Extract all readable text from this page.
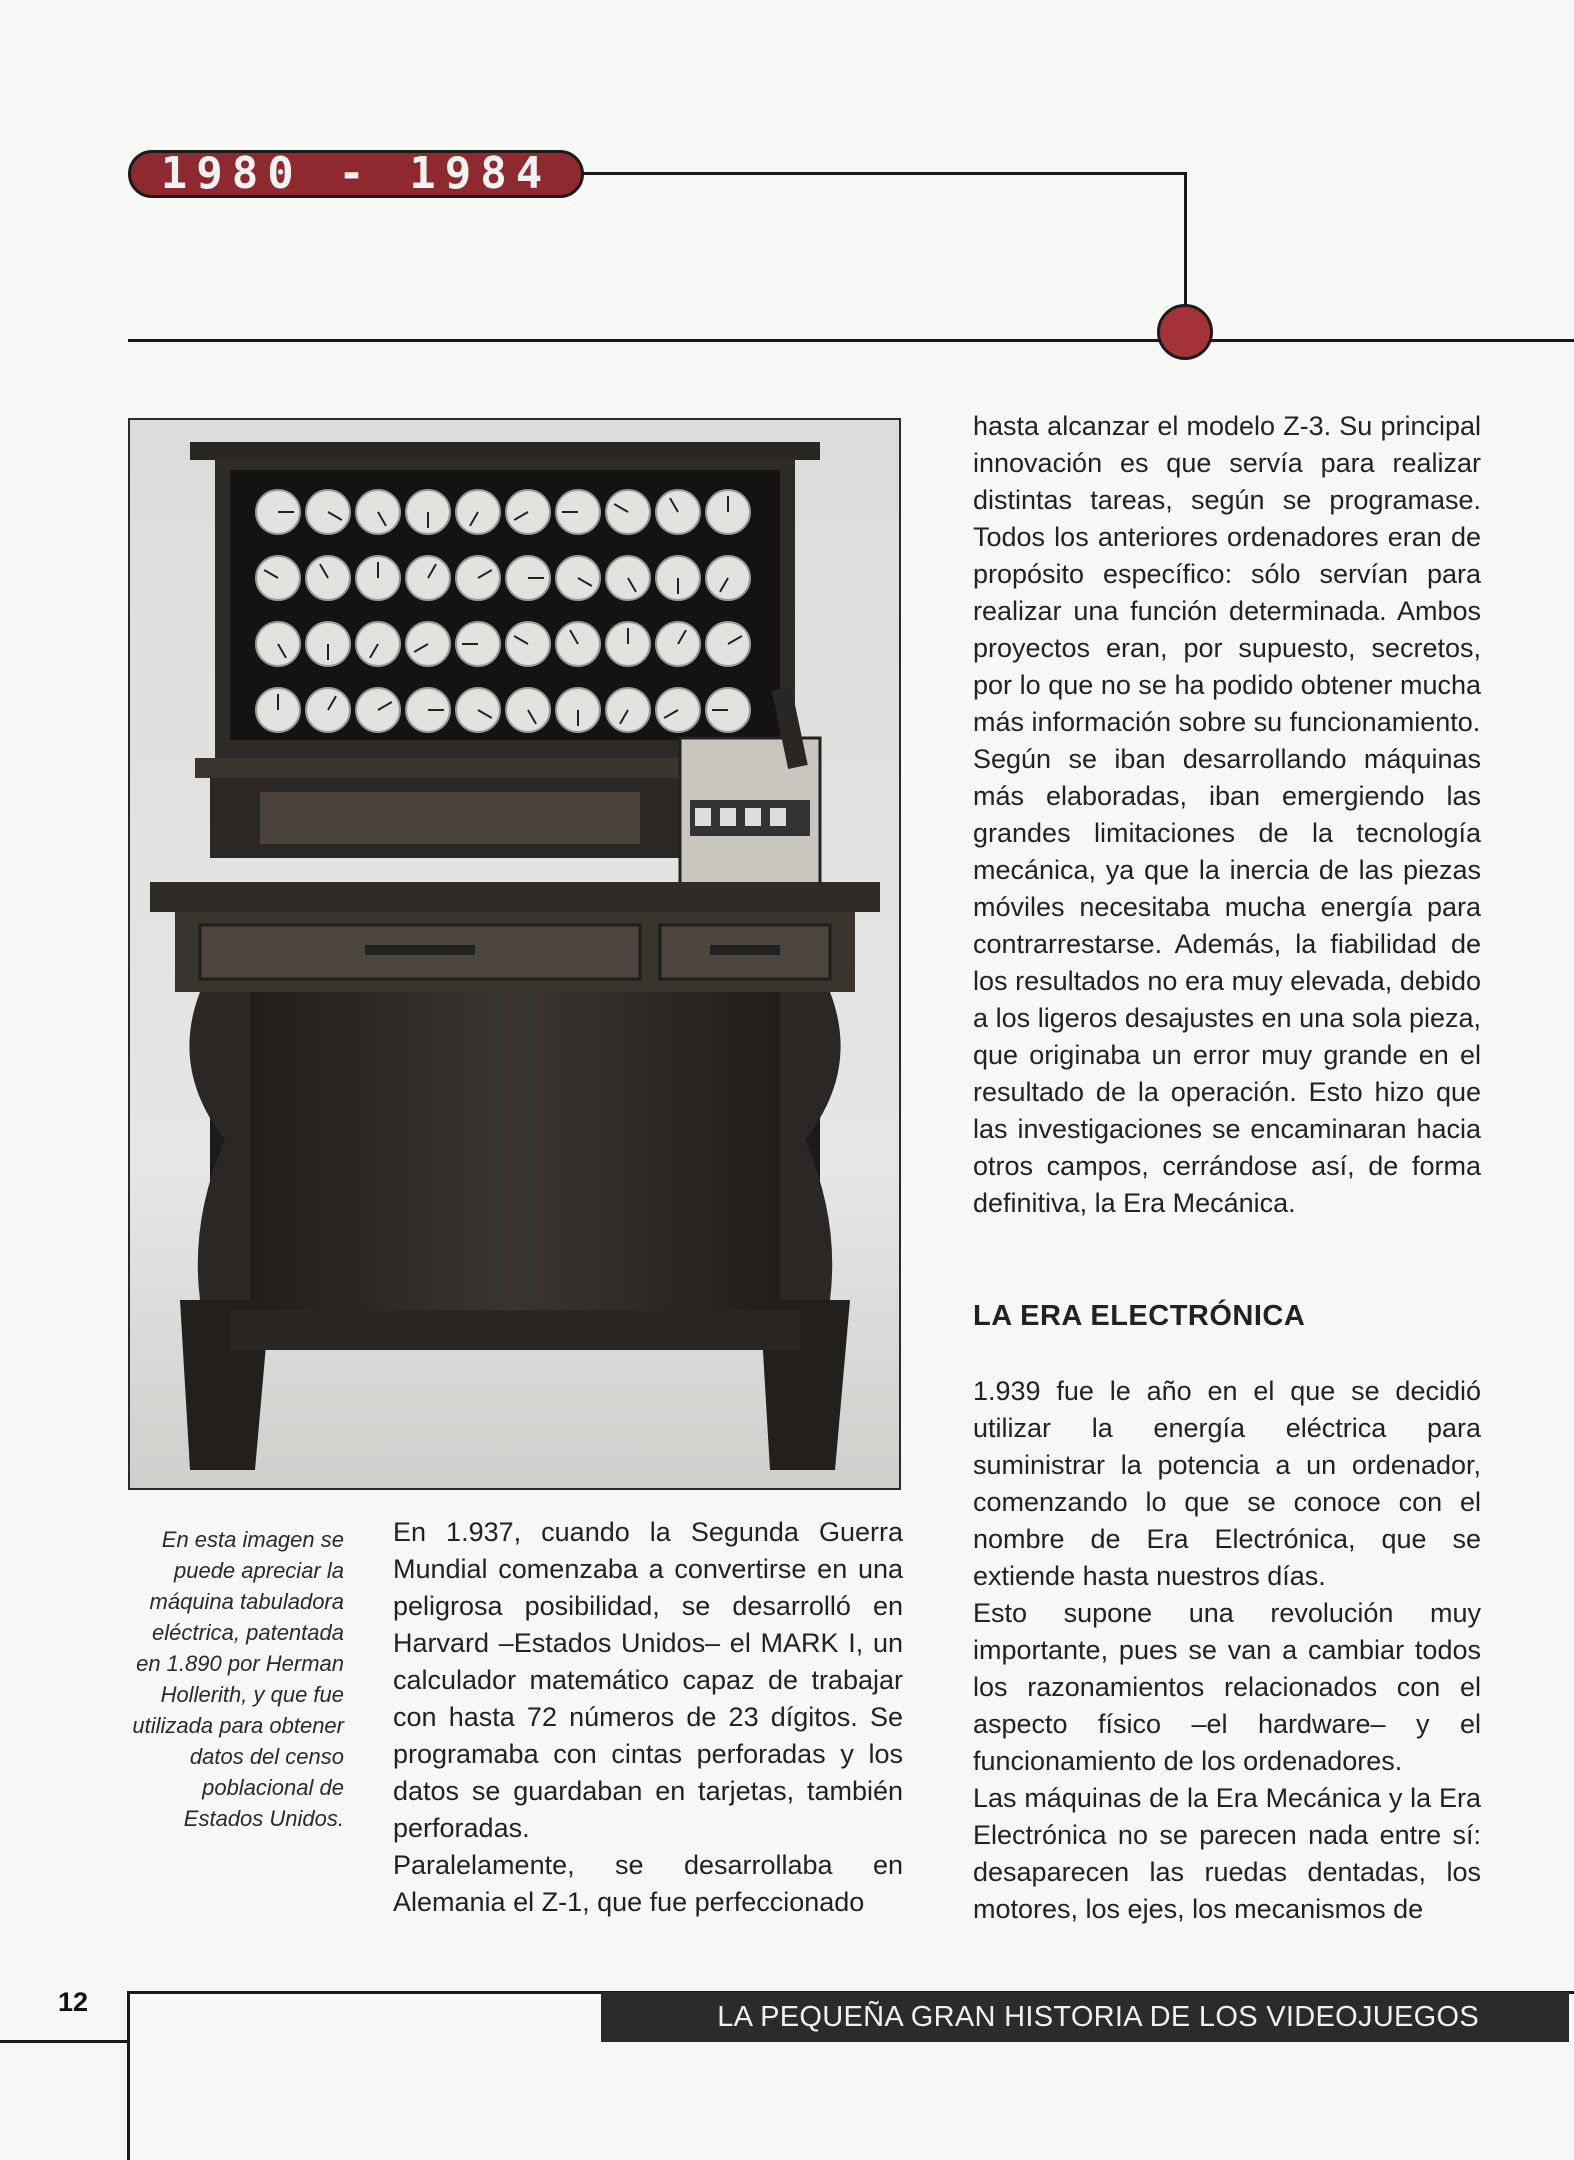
1980 - 1984

En esta imagen se puede apreciar la máquina tabuladora eléctrica, patentada en 1.890 por Herman Hollerith, y que fue utilizada para obtener datos del censo poblacional de Estados Unidos.

En 1.937, cuando la Segunda Guerra Mundial comenzaba a convertirse en una peligrosa posibilidad, se desarrolló en Harvard –Estados Unidos– el MARK I, un calculador matemático capaz de trabajar con hasta 72 números de 23 dígitos. Se programaba con cintas perforadas y los datos se guardaban en tarjetas, también perforadas.

Paralelamente, se desarrollaba en Alemania el Z-1, que fue perfeccionado

hasta alcanzar el modelo Z-3. Su principal innovación es que servía para realizar distintas tareas, según se programase. Todos los anteriores ordenadores eran de propósito específico: sólo servían para realizar una función determinada. Ambos proyectos eran, por supuesto, secretos, por lo que no se ha podido obtener mucha más información sobre su funcionamiento.

Según se iban desarrollando máquinas más elaboradas, iban emergiendo las grandes limitaciones de la tecnología mecánica, ya que la inercia de las piezas móviles necesitaba mucha energía para contrarrestarse. Además, la fiabilidad de los resultados no era muy elevada, debido a los ligeros desajustes en una sola pieza, que originaba un error muy grande en el resultado de la operación. Esto hizo que las investigaciones se encaminaran hacia otros campos, cerrándose así, de forma definitiva, la Era Mecánica.

LA ERA ELECTRÓNICA

1.939 fue le año en el que se decidió utilizar la energía eléctrica para suministrar la potencia a un ordenador, comenzando lo que se conoce con el nombre de Era Electrónica, que se extiende hasta nuestros días.

Esto supone una revolución muy importante, pues se van a cambiar todos los razonamientos relacionados con el aspecto físico –el hardware– y el funcionamiento de los ordenadores.

Las máquinas de la Era Mecánica y la Era Electrónica no se parecen nada entre sí: desaparecen las ruedas dentadas, los motores, los ejes, los mecanismos de

12	LA PEQUEÑA GRAN HISTORIA DE LOS VIDEOJUEGOS
